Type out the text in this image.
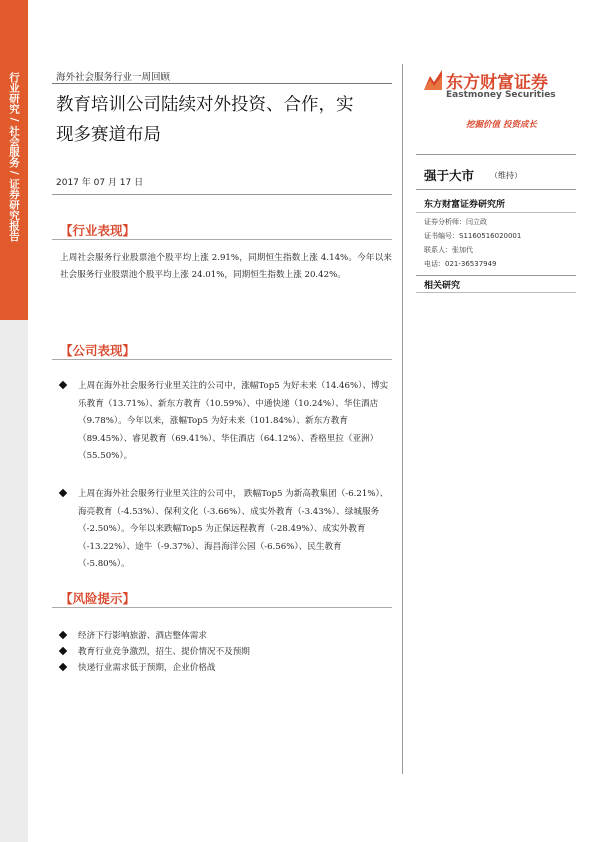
行业研究 / 社会服务 / 证券研究报告	海外社会服务行业一周回顾
教育培训公司陆续对外投资、合作，实
现多赛道布局
2017 年 07 月 17 日
东方财富证券
Eastmoney Securities
挖掘价值 投资成长
强于大市 （维持）
东方财富证券研究所
证券分析师：闫立政
证书编号：S1160516020001
联系人：张加代
电话：021-36537949
相关研究
【行业表现】
上周社会服务行业股票池个股平均上涨 2.91%，同期恒生指数上涨 4.14%。今年以来社会服务行业股票池个股平均上涨 24.01%，同期恒生指数上涨 20.42%。
【公司表现】
上周在海外社会服务行业里关注的公司中，涨幅Top5 为好未来（14.46%）、博实乐教育（13.71%）、新东方教育（10.59%）、中通快递（10.24%）、华住酒店（9.78%）。今年以来，涨幅Top5 为好未来（101.84%）、新东方教育（89.45%）、睿见教育（69.41%）、华住酒店（64.12%）、香格里拉（亚洲）（55.50%）。
上周在海外社会服务行业里关注的公司中， 跌幅Top5 为新高教集团（-6.21%）、海亮教育（-4.53%）、保利文化（-3.66%）、成实外教育（-3.43%）、绿城服务（-2.50%）。今年以来跌幅Top5 为正保远程教育（-28.49%）、成实外教育（-13.22%）、途牛（-9.37%）、海昌海洋公园（-6.56%）、民生教育（-5.80%）。
【风险提示】
经济下行影响旅游、酒店整体需求
教育行业竞争激烈，招生、提价情况不及预期
快递行业需求低于预期，企业价格战
